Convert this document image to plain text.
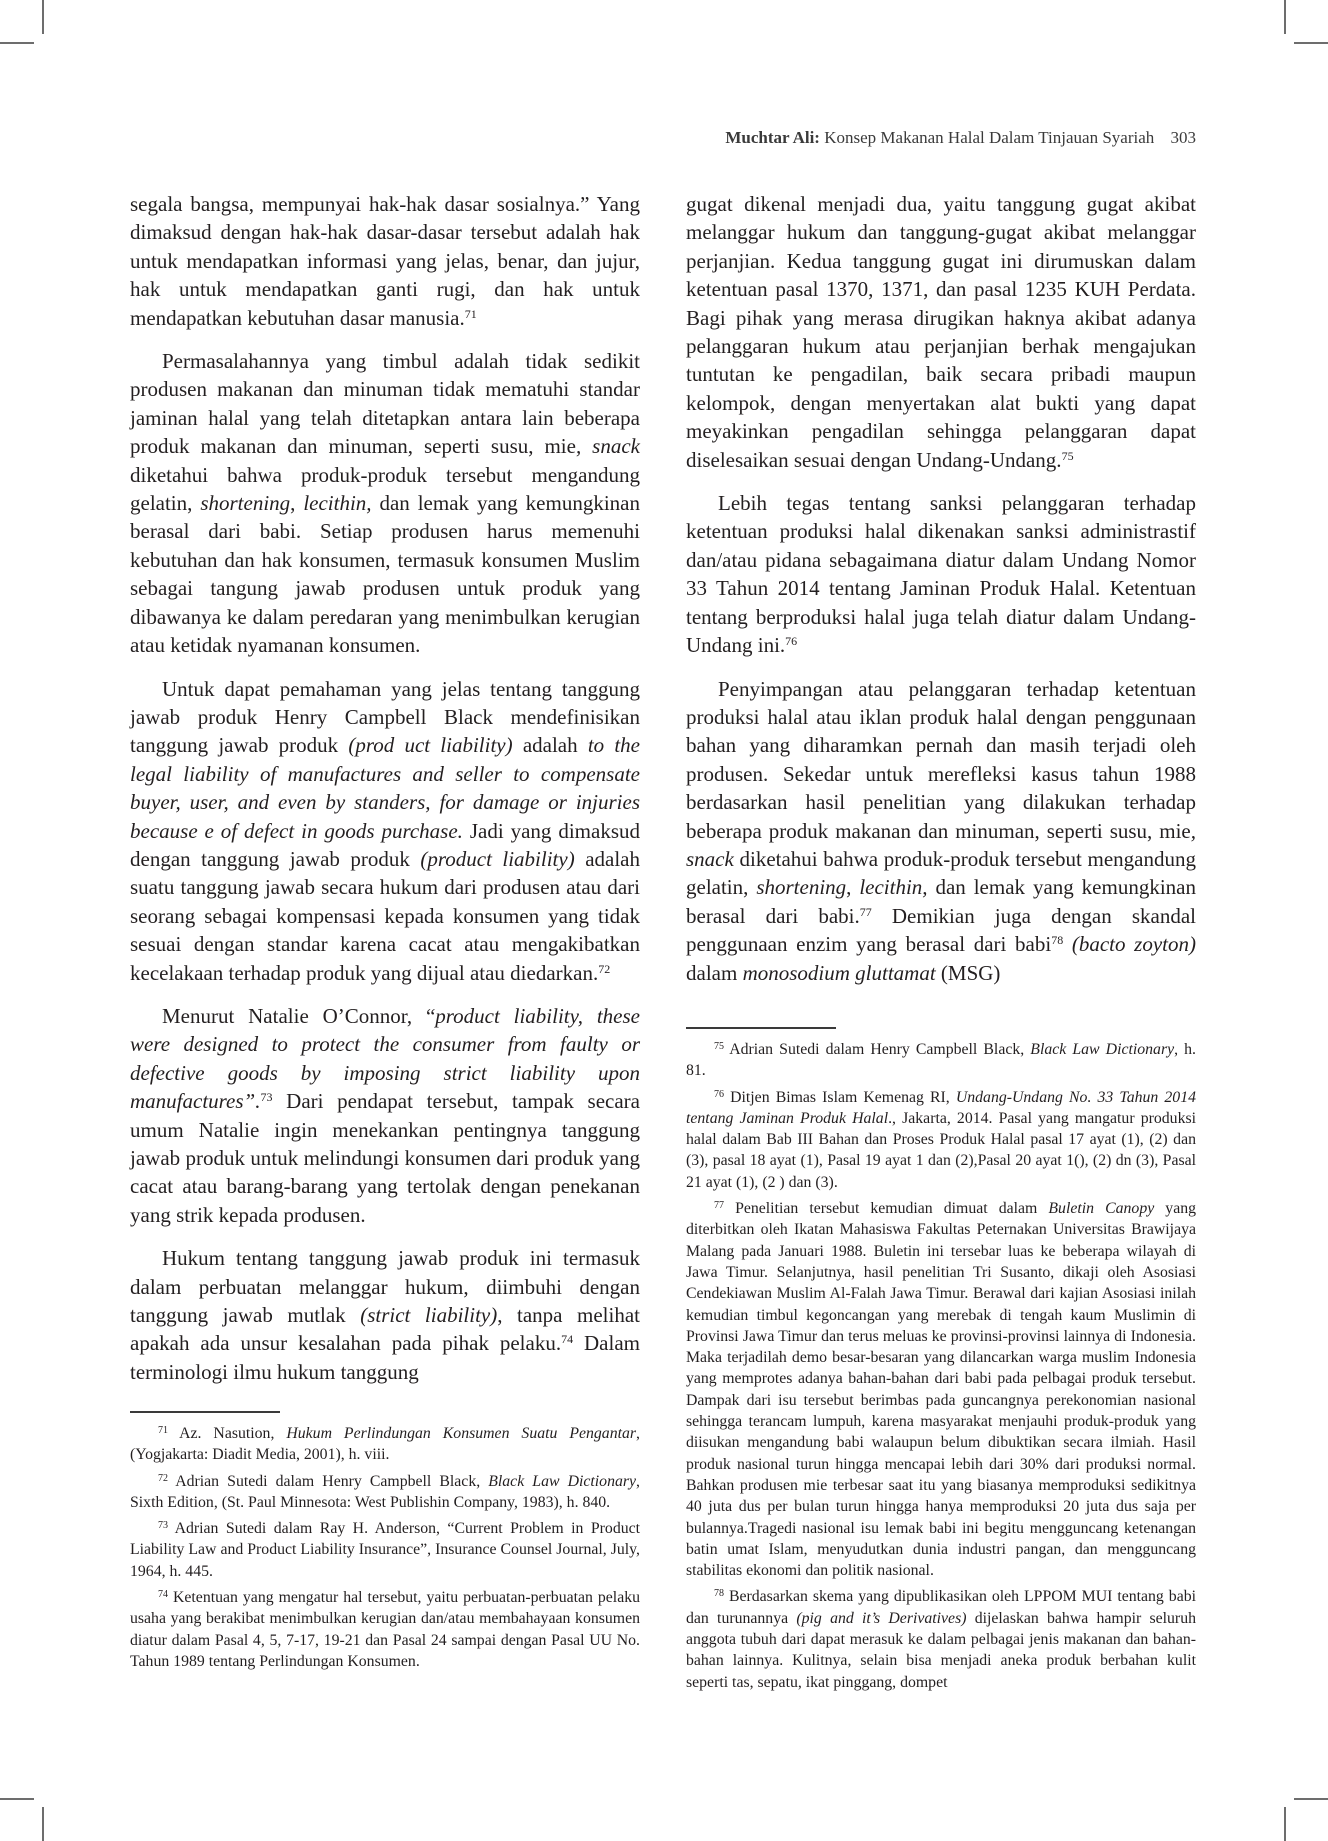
Muchtar Ali: Konsep Makanan Halal Dalam Tinjauan Syariah 303

segala bangsa, mempunyai hak-hak dasar sosialnya.” Yang dimaksud dengan hak-hak dasar-dasar tersebut adalah hak untuk mendapatkan informasi yang jelas, benar, dan jujur, hak untuk mendapatkan ganti rugi, dan hak untuk mendapatkan kebutuhan dasar manusia.$^{71}$

Permasalahannya yang timbul adalah tidak sedikit produsen makanan dan minuman tidak mematuhi standar jaminan halal yang telah ditetapkan antara lain beberapa produk makanan dan minuman, seperti susu, mie, snack diketahui bahwa produk-produk tersebut mengandung gelatin, shortening, lecithin, dan lemak yang kemungkinan berasal dari babi. Setiap produsen harus memenuhi kebutuhan dan hak konsumen, termasuk konsumen Muslim sebagai tangung jawab produsen untuk produk yang dibawanya ke dalam peredaran yang menimbulkan kerugian atau ketidak nyamanan konsumen.

Untuk dapat pemahaman yang jelas tentang tanggung jawab produk Henry Campbell Black mendefinisikan tanggung jawab produk (prod uct liability) adalah to the legal liability of manufactures and seller to compensate buyer, user, and even by standers, for damage or injuries because e of defect in goods purchase. Jadi yang dimaksud dengan tanggung jawab produk (product liability) adalah suatu tanggung jawab secara hukum dari produsen atau dari seorang sebagai kompensasi kepada konsumen yang tidak sesuai dengan standar karena cacat atau mengakibatkan kecelakaan terhadap produk yang dijual atau diedarkan.$^{72}$

Menurut Natalie O’Connor, “product liability, these were designed to protect the consumer from faulty or defective goods by imposing strict liability upon manufactures”.$^{73}$ Dari pendapat tersebut, tampak secara umum Natalie ingin menekankan pentingnya tanggung jawab produk untuk melindungi konsumen dari produk yang cacat atau barang-barang yang tertolak dengan penekanan yang strik kepada produsen.

Hukum tentang tanggung jawab produk ini termasuk dalam perbuatan melanggar hukum, diimbuhi dengan tanggung jawab mutlak (strict liability), tanpa melihat apakah ada unsur kesalahan pada pihak pelaku.$^{74}$ Dalam terminologi ilmu hukum tanggung

$^{71}$ Az. Nasution, Hukum Perlindungan Konsumen Suatu Pengantar, (Yogjakarta: Diadit Media, 2001), h. viii.

$^{72}$ Adrian Sutedi dalam Henry Campbell Black, Black Law Dictionary, Sixth Edition, (St. Paul Minnesota: West Publishin Company, 1983), h. 840.

$^{73}$ Adrian Sutedi dalam Ray H. Anderson, “Current Problem in Product Liability Law and Product Liability Insurance”, Insurance Counsel Journal, July, 1964, h. 445.

$^{74}$ Ketentuan yang mengatur hal tersebut, yaitu perbuatan-perbuatan pelaku usaha yang berakibat menimbulkan kerugian dan/atau membahayaan konsumen diatur dalam Pasal 4, 5, 7-17, 19-21 dan Pasal 24 sampai dengan Pasal UU No. Tahun 1989 tentang Perlindungan Konsumen.

gugat dikenal menjadi dua, yaitu tanggung gugat akibat melanggar hukum dan tanggung-gugat akibat melanggar perjanjian. Kedua tanggung gugat ini dirumuskan dalam ketentuan pasal 1370, 1371, dan pasal 1235 KUH Perdata. Bagi pihak yang merasa dirugikan haknya akibat adanya pelanggaran hukum atau perjanjian berhak mengajukan tuntutan ke pengadilan, baik secara pribadi maupun kelompok, dengan menyertakan alat bukti yang dapat meyakinkan pengadilan sehingga pelanggaran dapat diselesaikan sesuai dengan Undang-Undang.$^{75}$

Lebih tegas tentang sanksi pelanggaran terhadap ketentuan produksi halal dikenakan sanksi administrastif dan/atau pidana sebagaimana diatur dalam Undang Nomor 33 Tahun 2014 tentang Jaminan Produk Halal. Ketentuan tentang berproduksi halal juga telah diatur dalam Undang-Undang ini.$^{76}$

Penyimpangan atau pelanggaran terhadap ketentuan produksi halal atau iklan produk halal dengan penggunaan bahan yang diharamkan pernah dan masih terjadi oleh produsen. Sekedar untuk merefleksi kasus tahun 1988 berdasarkan hasil penelitian yang dilakukan terhadap beberapa produk makanan dan minuman, seperti susu, mie, snack diketahui bahwa produk-produk tersebut mengandung gelatin, shortening, lecithin, dan lemak yang kemungkinan berasal dari babi.$^{77}$ Demikian juga dengan skandal penggunaan enzim yang berasal dari babi$^{78}$ (bacto zoyton) dalam monosodium gluttamat (MSG)

$^{75}$ Adrian Sutedi dalam Henry Campbell Black, Black Law Dictionary, h. 81.

$^{76}$ Ditjen Bimas Islam Kemenag RI, Undang-Undang No. 33 Tahun 2014 tentang Jaminan Produk Halal., Jakarta, 2014. Pasal yang mangatur produksi halal dalam Bab III Bahan dan Proses Produk Halal pasal 17 ayat (1), (2) dan (3), pasal 18 ayat (1), Pasal 19 ayat 1 dan (2),Pasal 20 ayat 1(), (2) dn (3), Pasal 21 ayat (1), (2 ) dan (3).

$^{77}$ Penelitian tersebut kemudian dimuat dalam Buletin Canopy yang diterbitkan oleh Ikatan Mahasiswa Fakultas Peternakan Universitas Brawijaya Malang pada Januari 1988. Buletin ini tersebar luas ke beberapa wilayah di Jawa Timur. Selanjutnya, hasil penelitian Tri Susanto, dikaji oleh Asosiasi Cendekiawan Muslim Al-Falah Jawa Timur. Berawal dari kajian Asosiasi inilah kemudian timbul kegoncangan yang merebak di tengah kaum Muslimin di Provinsi Jawa Timur dan terus meluas ke provinsi-provinsi lainnya di Indonesia. Maka terjadilah demo besar-besaran yang dilancarkan warga muslim Indonesia yang memprotes adanya bahan-bahan dari babi pada pelbagai produk tersebut. Dampak dari isu tersebut berimbas pada guncangnya perekonomian nasional sehingga terancam lumpuh, karena masyarakat menjauhi produk-produk yang diisukan mengandung babi walaupun belum dibuktikan secara ilmiah. Hasil produk nasional turun hingga mencapai lebih dari 30% dari produksi normal. Bahkan produsen mie terbesar saat itu yang biasanya memproduksi sedikitnya 40 juta dus per bulan turun hingga hanya memproduksi 20 juta dus saja per bulannya.Tragedi nasional isu lemak babi ini begitu mengguncang ketenangan batin umat Islam, menyudutkan dunia industri pangan, dan mengguncang stabilitas ekonomi dan politik nasional.

$^{78}$ Berdasarkan skema yang dipublikasikan oleh LPPOM MUI tentang babi dan turunannya (pig and it’s Derivatives) dijelaskan bahwa hampir seluruh anggota tubuh dari dapat merasuk ke dalam pelbagai jenis makanan dan bahan-bahan lainnya. Kulitnya, selain bisa menjadi aneka produk berbahan kulit seperti tas, sepatu, ikat pinggang, dompet
